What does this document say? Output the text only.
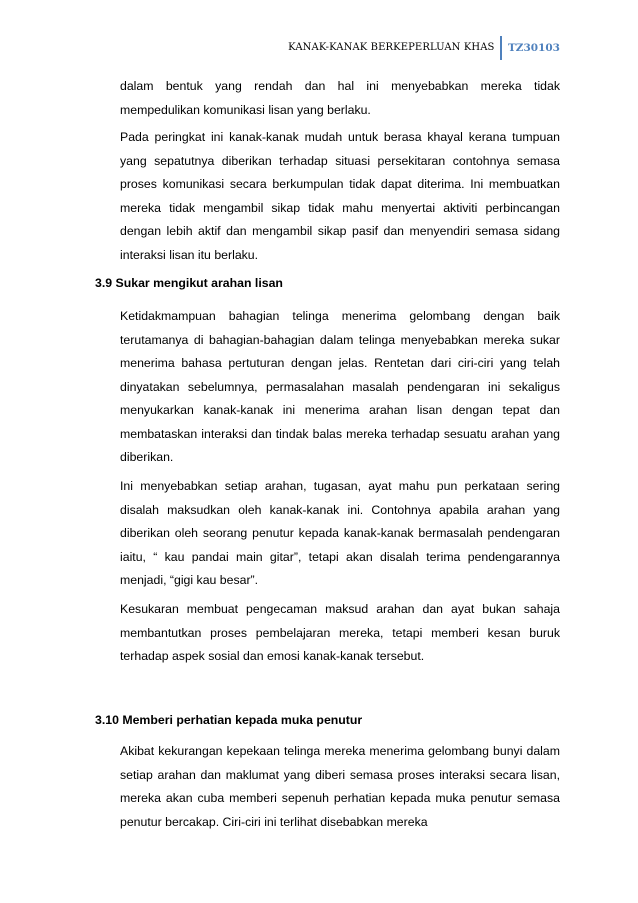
KANAK-KANAK BERKEPERLUAN KHAS	TZ30103

dalam bentuk yang rendah dan hal ini menyebabkan mereka tidak mempedulikan komunikasi lisan yang berlaku.

Pada peringkat ini kanak-kanak mudah untuk berasa khayal kerana tumpuan yang sepatutnya diberikan terhadap situasi persekitaran contohnya semasa proses komunikasi secara berkumpulan tidak dapat diterima. Ini membuatkan mereka tidak mengambil sikap tidak mahu menyertai aktiviti perbincangan dengan lebih aktif dan mengambil sikap pasif dan menyendiri semasa sidang interaksi lisan itu berlaku.

3.9 Sukar mengikut arahan lisan

Ketidakmampuan bahagian telinga menerima gelombang dengan baik terutamanya di bahagian-bahagian dalam telinga menyebabkan mereka sukar menerima bahasa pertuturan dengan jelas. Rentetan dari ciri-ciri yang telah dinyatakan sebelumnya, permasalahan masalah pendengaran ini sekaligus menyukarkan kanak-kanak ini menerima arahan lisan dengan tepat dan membataskan interaksi dan tindak balas mereka terhadap sesuatu arahan yang diberikan.

Ini menyebabkan setiap arahan, tugasan, ayat mahu pun perkataan sering disalah maksudkan oleh kanak-kanak ini. Contohnya apabila arahan yang diberikan oleh seorang penutur kepada kanak-kanak bermasalah pendengaran iaitu, “ kau pandai main gitar”, tetapi akan disalah terima pendengarannya menjadi, “gigi kau besar”.

Kesukaran membuat pengecaman maksud arahan dan ayat bukan sahaja membantutkan proses pembelajaran mereka, tetapi memberi kesan buruk terhadap aspek sosial dan emosi kanak-kanak tersebut.

3.10 Memberi perhatian kepada muka penutur

Akibat kekurangan kepekaan telinga mereka menerima gelombang bunyi dalam setiap arahan dan maklumat yang diberi semasa proses interaksi secara lisan, mereka akan cuba memberi sepenuh perhatian kepada muka penutur semasa penutur bercakap. Ciri-ciri ini terlihat disebabkan mereka
